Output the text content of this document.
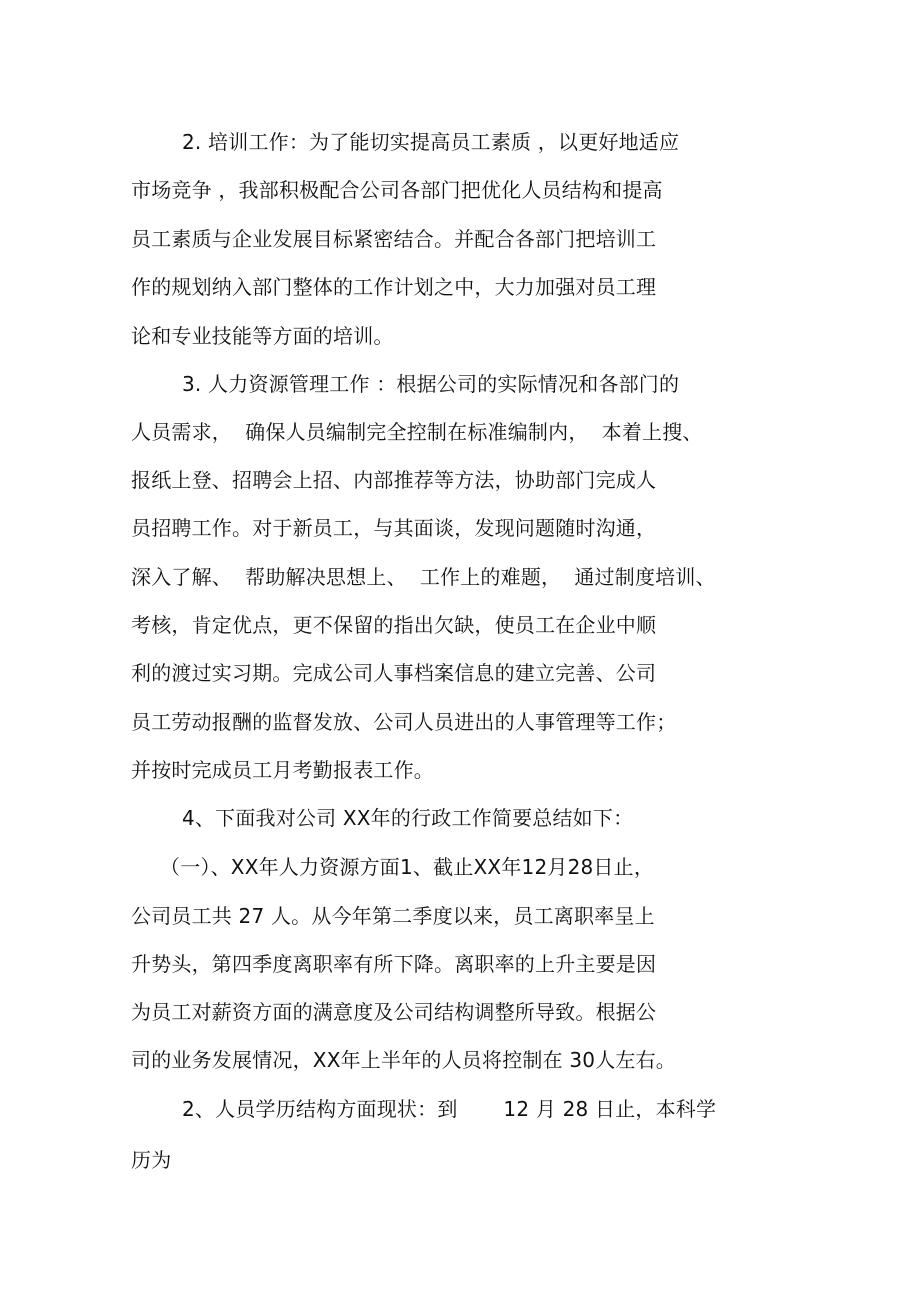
2. 培训工作：为了能切实提高员工素质 ，以更好地适应
市场竞争 ，我部积极配合公司各部门把优化人员结构和提高
员工素质与企业发展目标紧密结合。并配合各部门把培训工
作的规划纳入部门整体的工作计划之中，大力加强对员工理
论和专业技能等方面的培训。
3. 人力资源管理工作 ：根据公司的实际情况和各部门的
人员需求，  确保人员编制完全控制在标准编制内，  本着上搜、
报纸上登、招聘会上招、内部推荐等方法，协助部门完成人
员招聘工作。对于新员工，与其面谈，发现问题随时沟通，
深入了解、  帮助解决思想上、  工作上的难题，  通过制度培训、
考核，肯定优点，更不保留的指出欠缺，使员工在企业中顺
利的渡过实习期。完成公司人事档案信息的建立完善、公司
员工劳动报酬的监督发放、公司人员进出的人事管理等工作；
并按时完成员工月考勤报表工作。
4、下面我对公司 XX年的行政工作简要总结如下：
（一）、XX年人力资源方面1、截止XX年12月28日止，
公司员工共 27 人。从今年第二季度以来，员工离职率呈上
升势头，第四季度离职率有所下降。离职率的上升主要是因
为员工对薪资方面的满意度及公司结构调整所导致。根据公
司的业务发展情况，XX年上半年的人员将控制在 30人左右。
2、人员学历结构方面现状：到       12 月 28 日止，本科学
历为
